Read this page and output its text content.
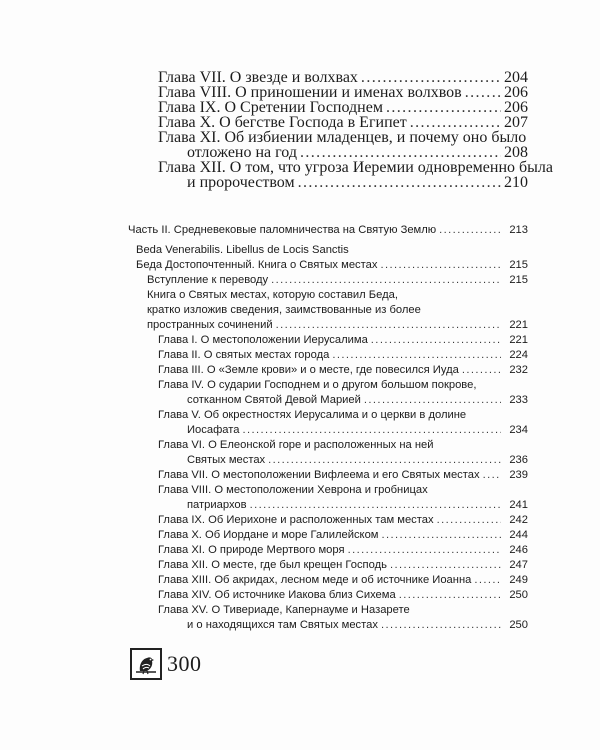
Глава VII. О звезде и волхвах .....	204
Глава VIII. О приношении и именах волхвов .....	206
Глава IX. О Сретении Господнем .....	206
Глава X. О бегстве Господа в Египет .....	207
Глава XI. Об избиении младенцев, и почему оно было
отложено на год .....	208
Глава XII. О том, что угроза Иеремии одновременно была
и пророчеством .....	210
Часть II. Средневековые паломничества на Святую Землю .....	213
Beda Venerabilis. Libellus de Locis Sanctis
Беда Достопочтенный. Книга о Святых местах .....	215
Вступление к переводу .....	215
Книга о Святых местах, которую составил Беда,
кратко изложив сведения, заимствованные из более
пространных сочинений .....	221
Глава I. О местоположении Иерусалима .....	221
Глава II. О святых местах города .....	224
Глава III. О «Земле крови» и о месте, где повесился Иуда .....	232
Глава IV. О сударии Господнем и о другом большом покрове,
сотканном Святой Девой Марией .....	233
Глава V. Об окрестностях Иерусалима и о церкви в долине
Иосафата .....	234
Глава VI. О Елеонской горе и расположенных на ней
Святых местах .....	236
Глава VII. О местоположении Вифлеема и его Святых местах .....	239
Глава VIII. О местоположении Хеврона и гробницах
патриархов .....	241
Глава IX. Об Иерихоне и расположенных там местах .....	242
Глава X. Об Иордане и море Галилейском .....	244
Глава XI. О природе Мертвого моря .....	246
Глава XII. О месте, где был крещен Господь .....	247
Глава XIII. Об акридах, лесном меде и об источнике Иоанна .....	249
Глава XIV. Об источнике Иакова близ Сихема .....	250
Глава XV. О Тивериаде, Капернауме и Назарете
и о находящихся там Святых местах .....	250
300
